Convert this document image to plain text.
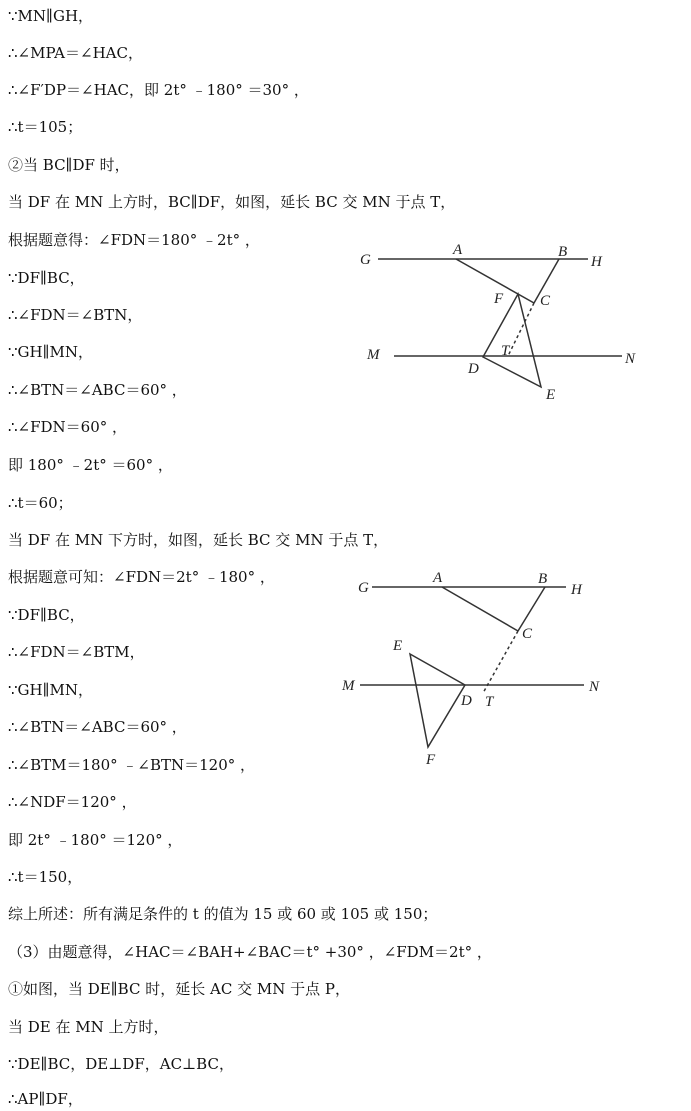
∵MN∥GH，
∴∠MPA＝∠HAC，
∴∠F′DP＝∠HAC，即 2t° ﹣180° ＝30° ，
∴t＝105；
②当 BC∥DF 时，
当 DF 在 MN 上方时，BC∥DF，如图，延长 BC 交 MN 于点 T，
根据题意得：∠FDN＝180° ﹣2t° ，
∵DF∥BC，
∴∠FDN＝∠BTN，
∵GH∥MN，
∴∠BTN＝∠ABC＝60° ，
∴∠FDN＝60° ，
即 180° ﹣2t° ＝60° ，
∴t＝60；
当 DF 在 MN 下方时，如图，延长 BC 交 MN 于点 T，
根据题意可知：∠FDN＝2t° ﹣180° ，
∵DF∥BC，
∴∠FDN＝∠BTM，
∵GH∥MN，
∴∠BTN＝∠ABC＝60° ，
∴∠BTM＝180° ﹣∠BTN＝120° ，
∴∠NDF＝120° ，
即 2t° ﹣180° ＝120° ，
∴t＝150，
综上所述：所有满足条件的 t 的值为 15 或 60 或 105 或 150；
（3）由题意得，∠HAC＝∠BAH+∠BAC＝t° +30° ，∠FDM＝2t° ，
①如图，当 DE∥BC 时，延长 AC 交 MN 于点 P，
当 DE 在 MN 上方时，
∵DE∥BC，DE⊥DF，AC⊥BC，
∴AP∥DF，
G
A	B
H
F C
M	T	N
D
E
G
A	B
H
C
E
M
D T
N
F
